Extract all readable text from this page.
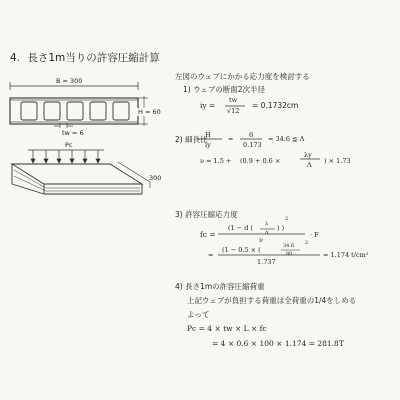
4. 長さ1m当りの許容圧縮計算
B = 300
H = 60
tw = 6
Pc
300
左図のウェブにかかる応力度を検討する
1) ウェブの断面2次半径
iy =
tw
√12
= 0.1732cm
2) 細長比
H
iy
= 6
0.173
= 34.6 ≦ Λ
ν = 1.5 + (0.9 + 0.6 ×
λy
Λ ) × 1.73
3) 許容圧縮応力度
fc =
(1 − d ( λ
Λ
2
) )
ν
· F
=
(1 − 0.5 × (	34.6
80
2
1.737
= 1.174 t/cm²
4) 長さ1mの許容圧縮荷重
上記ウェブが負担する荷重は全荷重の1/4をしめる
よって
Pc = 4 × tw × L × fc
= 4 × 0.6 × 100 × 1.174 = 281.8T
